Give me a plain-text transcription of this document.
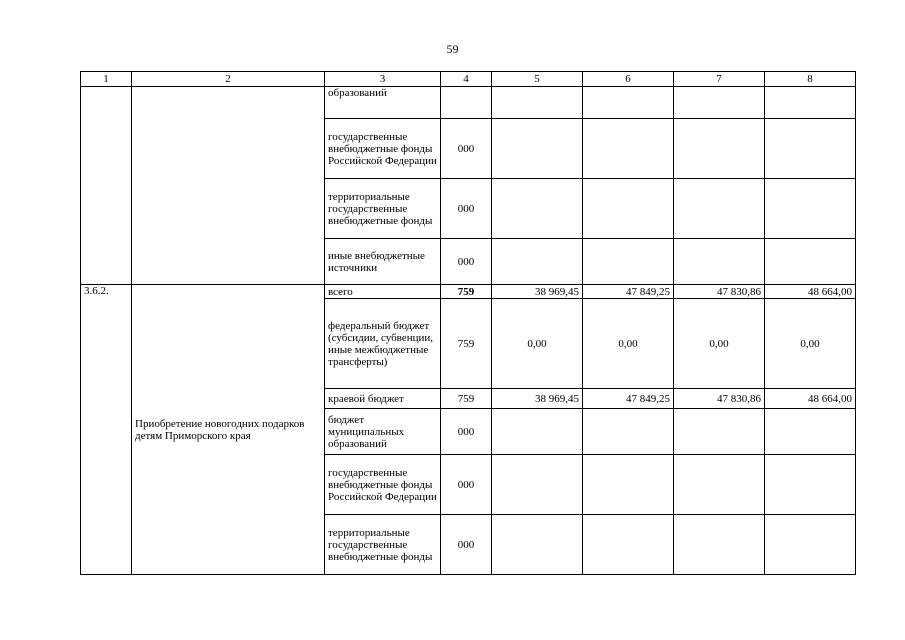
59
1	2	3	4	5	6	7	8
		образований					
		государственные внебюджетные фонды Российской Федерации	000				
		территориальные государственные внебюджетные фонды	000				
		иные внебюджетные источники	000				
3.6.2.	Приобретение новогодних подарков детям Приморского края	всего	759	38 969,45	47 849,25	47 830,86	48 664,00
		федеральный бюджет (субсидии, субвенции, иные межбюджетные трансферты)	759	0,00	0,00	0,00	0,00
		краевой бюджет	759	38 969,45	47 849,25	47 830,86	48 664,00
		бюджет муниципальных образований	000				
		государственные внебюджетные фонды Российской Федерации	000				
		территориальные государственные внебюджетные фонды	000				
